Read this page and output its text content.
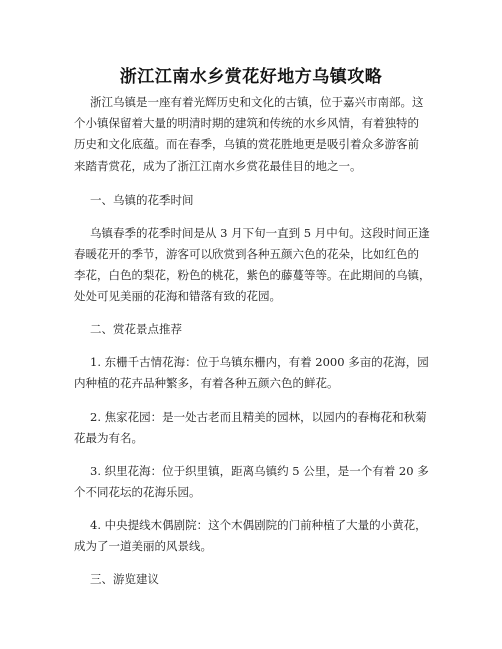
浙江江南水乡赏花好地方乌镇攻略
浙江乌镇是一座有着光辉历史和文化的古镇，位于嘉兴市南部。这
个小镇保留着大量的明清时期的建筑和传统的水乡风情，有着独特的
历史和文化底蕴。而在春季，乌镇的赏花胜地更是吸引着众多游客前
来踏青赏花，成为了浙江江南水乡赏花最佳目的地之一。
一、乌镇的花季时间
乌镇春季的花季时间是从 3 月下旬一直到 5 月中旬。这段时间正逢
春暖花开的季节，游客可以欣赏到各种五颜六色的花朵，比如红色的
李花，白色的梨花，粉色的桃花，紫色的藤蔓等等。在此期间的乌镇，
处处可见美丽的花海和错落有致的花园。
二、赏花景点推荐
1. 东栅千古情花海：位于乌镇东栅内，有着 2000 多亩的花海，园
内种植的花卉品种繁多，有着各种五颜六色的鲜花。
2. 焦家花园：是一处古老而且精美的园林，以园内的春梅花和秋菊
花最为有名。
3. 织里花海：位于织里镇，距离乌镇约 5 公里，是一个有着 20 多
个不同花坛的花海乐园。
4. 中央提线木偶剧院：这个木偶剧院的门前种植了大量的小黄花，
成为了一道美丽的风景线。
三、游览建议
